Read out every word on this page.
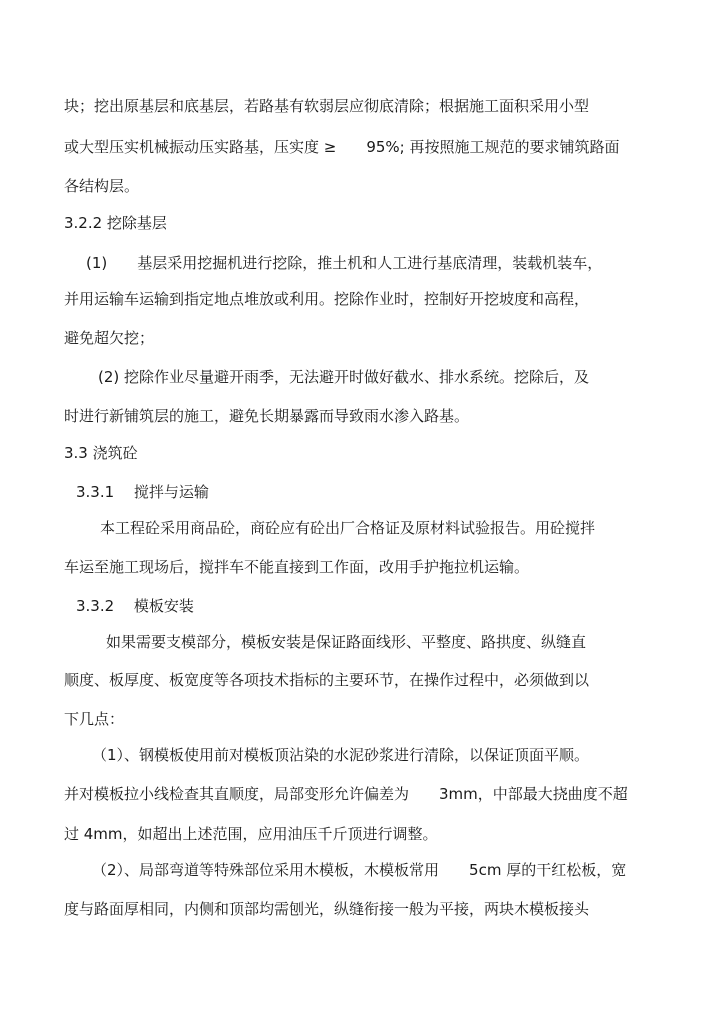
块；挖出原基层和底基层，若路基有软弱层应彻底清除；根据施工面积采用小型
或大型压实机械振动压实路基，压实度 ≥　　95%; 再按照施工规范的要求铺筑路面
各结构层。
3.2.2 挖除基层
(1)　　基层采用挖掘机进行挖除，推土机和人工进行基底清理，装载机装车，
并用运输车运输到指定地点堆放或利用。挖除作业时，控制好开挖坡度和高程，
避免超欠挖；
(2) 挖除作业尽量避开雨季，无法避开时做好截水、排水系统。挖除后，及
时进行新铺筑层的施工，避免长期暴露而导致雨水渗入路基。
3.3 浇筑砼
3.3.1　 搅拌与运输
本工程砼采用商品砼，商砼应有砼出厂合格证及原材料试验报告。用砼搅拌
车运至施工现场后，搅拌车不能直接到工作面，改用手护拖拉机运输。
3.3.2　 模板安装
如果需要支模部分，模板安装是保证路面线形、平整度、路拱度、纵缝直
顺度、板厚度、板宽度等各项技术指标的主要环节，在操作过程中，必须做到以
下几点：
（1）、钢模板使用前对模板顶沾染的水泥砂浆进行清除，以保证顶面平顺。
并对模板拉小线检查其直顺度，局部变形允许偏差为　　3mm，中部最大挠曲度不超
过 4mm，如超出上述范围，应用油压千斤顶进行调整。
（2）、局部弯道等特殊部位采用木模板，木模板常用　　5cm 厚的干红松板，宽
度与路面厚相同，内侧和顶部均需刨光，纵缝衔接一般为平接，两块木模板接头
